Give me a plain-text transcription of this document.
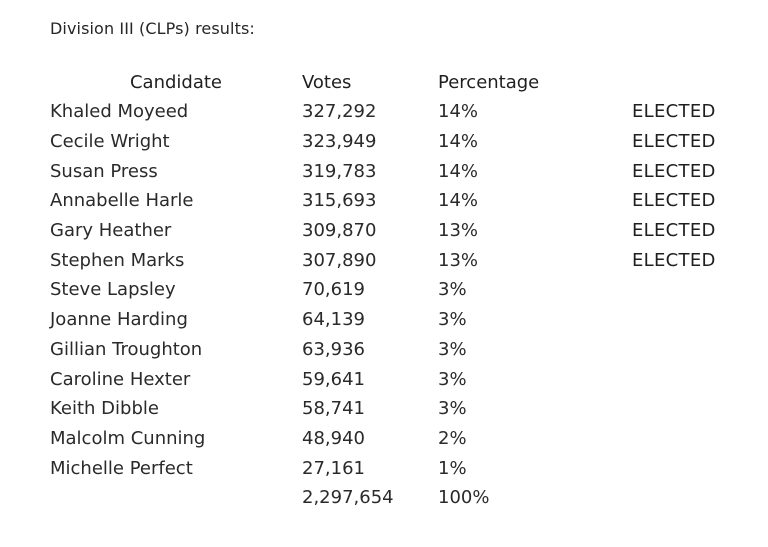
Division III (CLPs) results:
Candidate	Votes	Percentage	
Khaled Moyeed	327,292	14%	ELECTED
Cecile Wright	323,949	14%	ELECTED
Susan Press	319,783	14%	ELECTED
Annabelle Harle	315,693	14%	ELECTED
Gary Heather	309,870	13%	ELECTED
Stephen Marks	307,890	13%	ELECTED
Steve Lapsley	70,619	3%	
Joanne Harding	64,139	3%	
Gillian Troughton	63,936	3%	
Caroline Hexter	59,641	3%	
Keith Dibble	58,741	3%	
Malcolm Cunning	48,940	2%	
Michelle Perfect	27,161	1%	
	2,297,654	100%	
